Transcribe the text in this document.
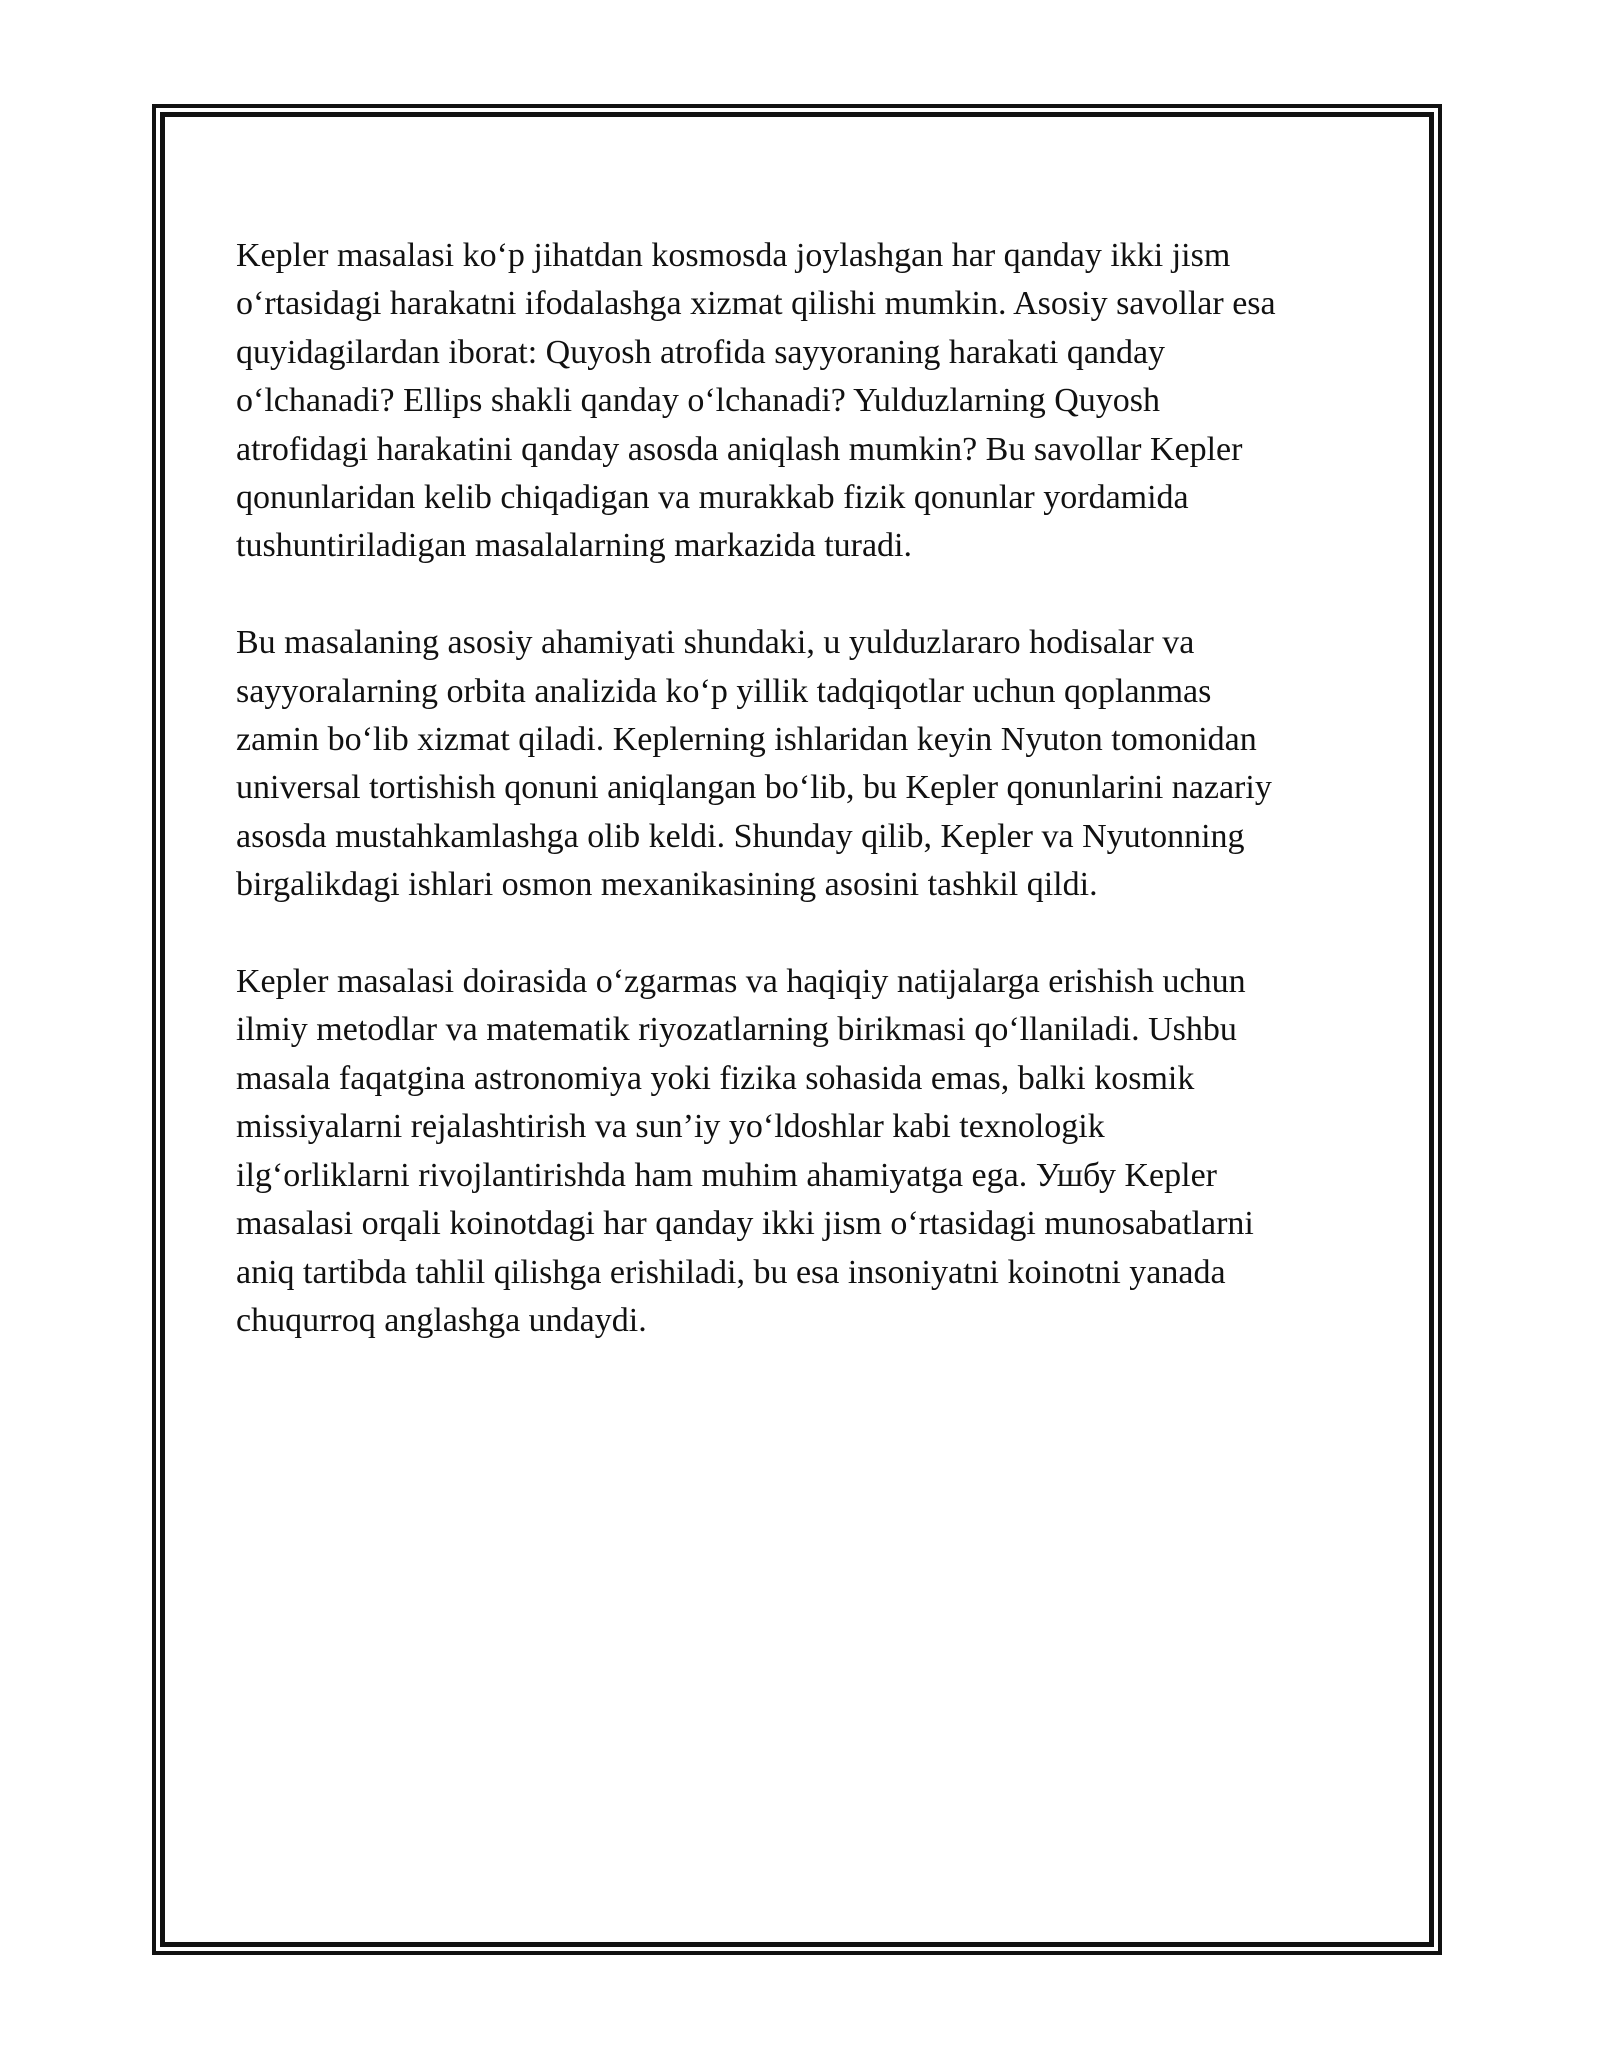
Kepler masalasi ko‘p jihatdan kosmosda joylashgan har qanday ikki jism
o‘rtasidagi harakatni ifodalashga xizmat qilishi mumkin. Asosiy savollar esa
quyidagilardan iborat: Quyosh atrofida sayyoraning harakati qanday
o‘lchanadi? Ellips shakli qanday o‘lchanadi? Yulduzlarning Quyosh
atrofidagi harakatini qanday asosda aniqlash mumkin? Bu savollar Kepler
qonunlaridan kelib chiqadigan va murakkab fizik qonunlar yordamida
tushuntiriladigan masalalarning markazida turadi.

Bu masalaning asosiy ahamiyati shundaki, u yulduzlararo hodisalar va
sayyoralarning orbita analizida ko‘p yillik tadqiqotlar uchun qoplanmas
zamin bo‘lib xizmat qiladi. Keplerning ishlaridan keyin Nyuton tomonidan
universal tortishish qonuni aniqlangan bo‘lib, bu Kepler qonunlarini nazariy
asosda mustahkamlashga olib keldi. Shunday qilib, Kepler va Nyutonning
birgalikdagi ishlari osmon mexanikasining asosini tashkil qildi.

Kepler masalasi doirasida o‘zgarmas va haqiqiy natijalarga erishish uchun
ilmiy metodlar va matematik riyozatlarning birikmasi qo‘llaniladi. Ushbu
masala faqatgina astronomiya yoki fizika sohasida emas, balki kosmik
missiyalarni rejalashtirish va sun’iy yo‘ldoshlar kabi texnologik
ilg‘orliklarni rivojlantirishda ham muhim ahamiyatga ega. Ушбу Kepler
masalasi orqali koinotdagi har qanday ikki jism o‘rtasidagi munosabatlarni
aniq tartibda tahlil qilishga erishiladi, bu esa insoniyatni koinotni yanada
chuqurroq anglashga undaydi.
